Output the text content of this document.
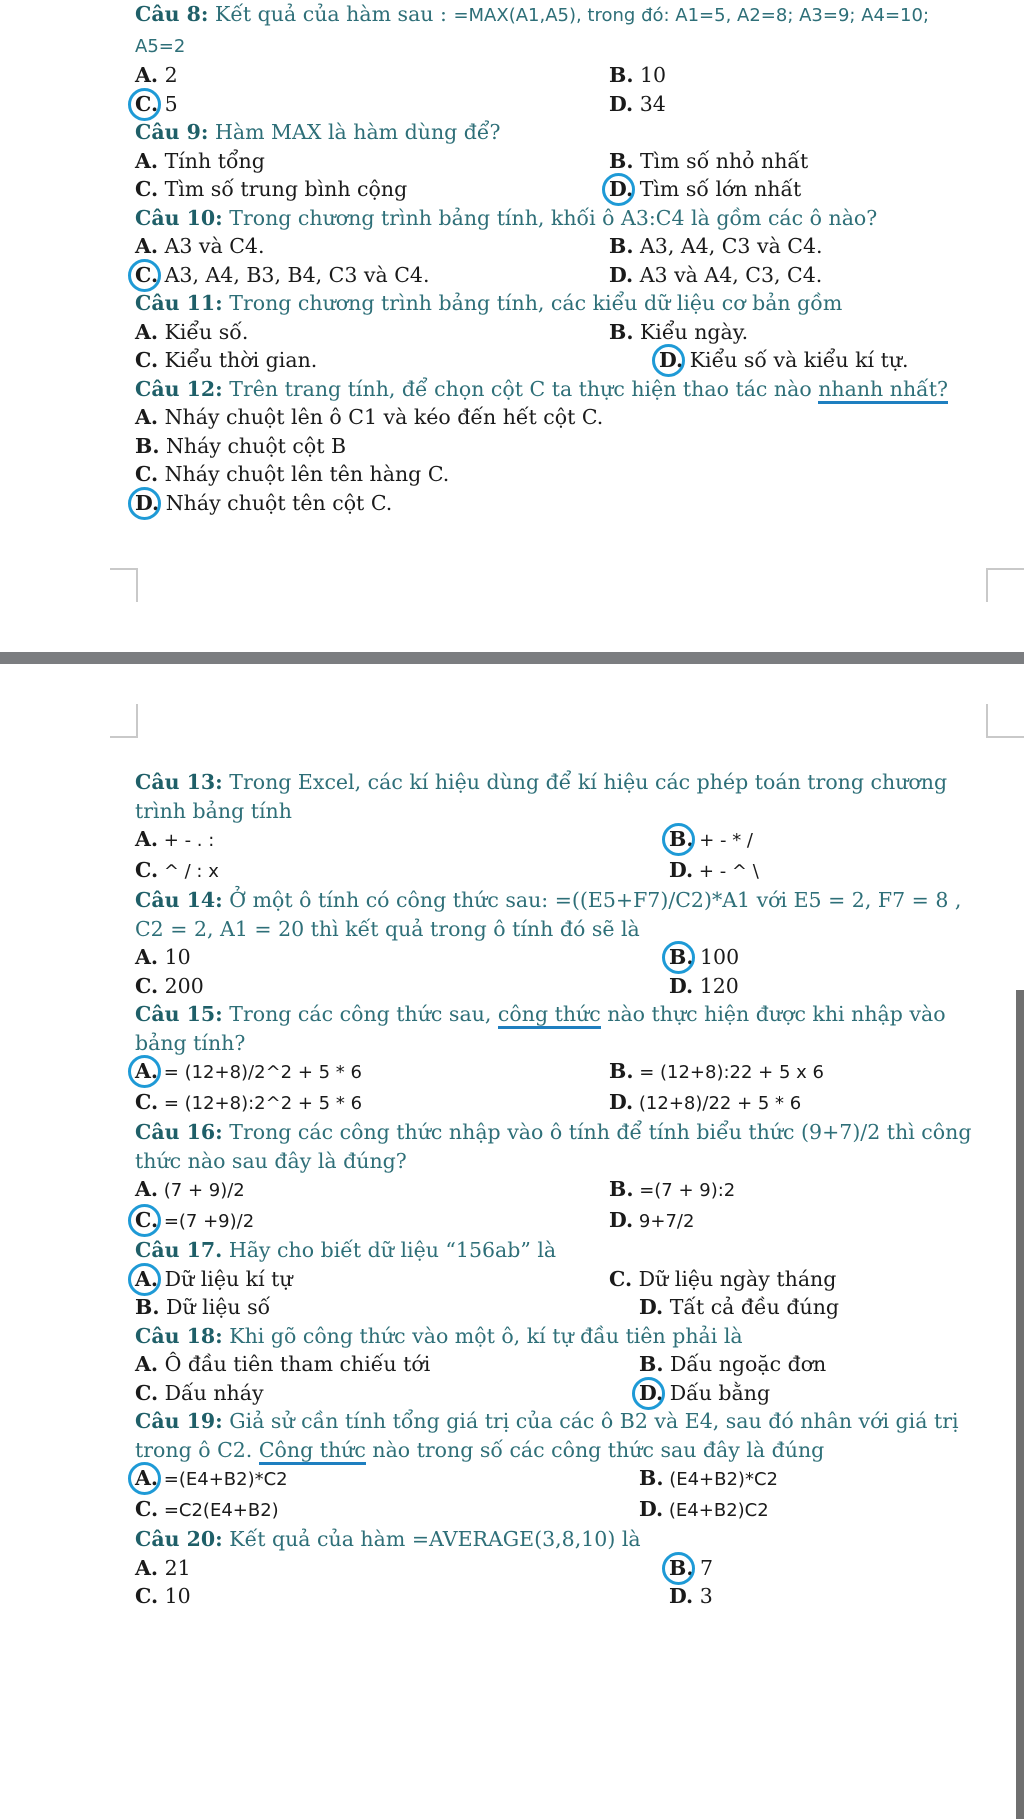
Câu 8: Kết quả của hàm sau : =MAX(A1,A5), trong đó: A1=5, A2=8; A3=9; A4=10;
A5=2
A. 2	B. 10
C. 5	D. 34
Câu 9: Hàm MAX là hàm dùng để?
A. Tính tổng	B. Tìm số nhỏ nhất
C. Tìm số trung bình cộng	D. Tìm số lớn nhất
Câu 10: Trong chương trình bảng tính, khối ô A3:C4 là gồm các ô nào?
A. A3 và C4.	B. A3, A4, C3 và C4.
C. A3, A4, B3, B4, C3 và C4.	D. A3 và A4, C3, C4.
Câu 11: Trong chương trình bảng tính, các kiểu dữ liệu cơ bản gồm
A. Kiểu số.	B. Kiểu ngày.
C. Kiểu thời gian.	D. Kiểu số và kiểu kí tự.
Câu 12: Trên trang tính, để chọn cột C ta thực hiện thao tác nào nhanh nhất?
A. Nháy chuột lên ô C1 và kéo đến hết cột C.
B. Nháy chuột cột B
C. Nháy chuột lên tên hàng C.
D. Nháy chuột tên cột C.
Câu 13: Trong Excel, các kí hiệu dùng để kí hiệu các phép toán trong chương trình bảng tính
A. + - . :	B. + - * /
C. ^ / : x	D. + - ^ \
Câu 14: Ở một ô tính có công thức sau: =((E5+F7)/C2)*A1 với E5 = 2, F7 = 8 , C2 = 2, A1 = 20 thì kết quả trong ô tính đó sẽ là
A. 10	B. 100
C. 200	D. 120
Câu 15: Trong các công thức sau, công thức nào thực hiện được khi nhập vào bảng tính?
A. = (12+8)/2^2 + 5 * 6	B. = (12+8):22 + 5 x 6
C. = (12+8):2^2 + 5 * 6	D. (12+8)/22 + 5 * 6
Câu 16: Trong các công thức nhập vào ô tính để tính biểu thức (9+7)/2 thì công thức nào sau đây là đúng?
A. (7 + 9)/2	B. =(7 + 9):2
C. =(7 +9)/2	D. 9+7/2
Câu 17. Hãy cho biết dữ liệu “156ab” là
A. Dữ liệu kí tự	C. Dữ liệu ngày tháng
B. Dữ liệu số	D. Tất cả đều đúng
Câu 18: Khi gõ công thức vào một ô, kí tự đầu tiên phải là
A. Ô đầu tiên tham chiếu tới	B. Dấu ngoặc đơn
C. Dấu nháy	D. Dấu bằng
Câu 19: Giả sử cần tính tổng giá trị của các ô B2 và E4, sau đó nhân với giá trị trong ô C2. Công thức nào trong số các công thức sau đây là đúng
A. =(E4+B2)*C2	B. (E4+B2)*C2
C. =C2(E4+B2)	D. (E4+B2)C2
Câu 20: Kết quả của hàm =AVERAGE(3,8,10) là
A. 21	B. 7
C. 10	D. 3
